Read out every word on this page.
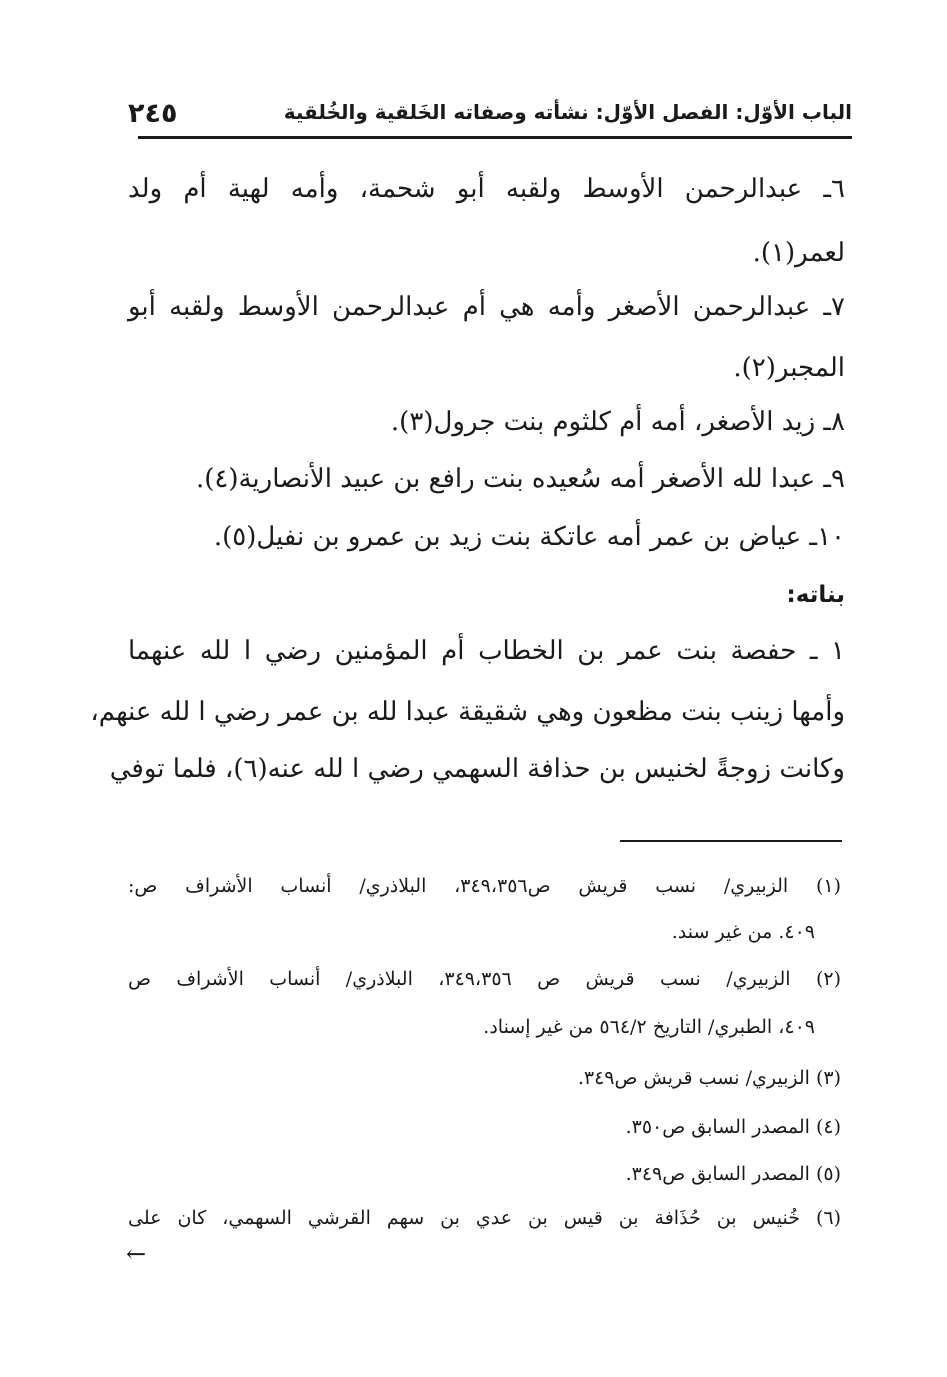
الباب الأوّل: الفصل الأوّل: نشأته وصفاته الخَلقية والخُلقية
٢٤٥
٦ـ عبدالرحمن الأوسط ولقبه أبو شحمة، وأمه لهية أم ولد
لعمر(١).
٧ـ عبدالرحمن الأصغر وأمه هي أم عبدالرحمن الأوسط ولقبه أبو
المجبر(٢).
٨ـ زيد الأصغر، أمه أم كلثوم بنت جرول(٣).
٩ـ عبدا لله الأصغر أمه سُعيده بنت رافع بن عبيد الأنصارية(٤).
١٠ـ عياض بن عمر أمه عاتكة بنت زيد بن عمرو بن نفيل(٥).
بناته:
١ ـ حفصة بنت عمر بن الخطاب أم المؤمنين رضي ا لله عنهما
وأمها زينب بنت مظعون وهي شقيقة عبدا لله بن عمر رضي ا لله عنهم،
وكانت زوجةً لخنيس بن حذافة السهمي رضي ا لله عنه(٦)، فلما توفي
(١) الزبيري/ نسب قريش ص٣٤٩،٣٥٦، البلاذري/ أنساب الأشراف ص:
٤٠٩. من غير سند.
(٢) الزبيري/ نسب قريش ص ٣٤٩،٣٥٦، البلاذري/ أنساب الأشراف ص
٤٠٩، الطبري/ التاريخ ٥٦٤/٢ من غير إسناد.
(٣) الزبيري/ نسب قريش ص٣٤٩.
(٤) المصدر السابق ص٣٥٠.
(٥) المصدر السابق ص٣٤٩.
(٦) خُنيس بن حُذَافة بن قيس بن عدي بن سهم القرشي السهمي، كان على
←
